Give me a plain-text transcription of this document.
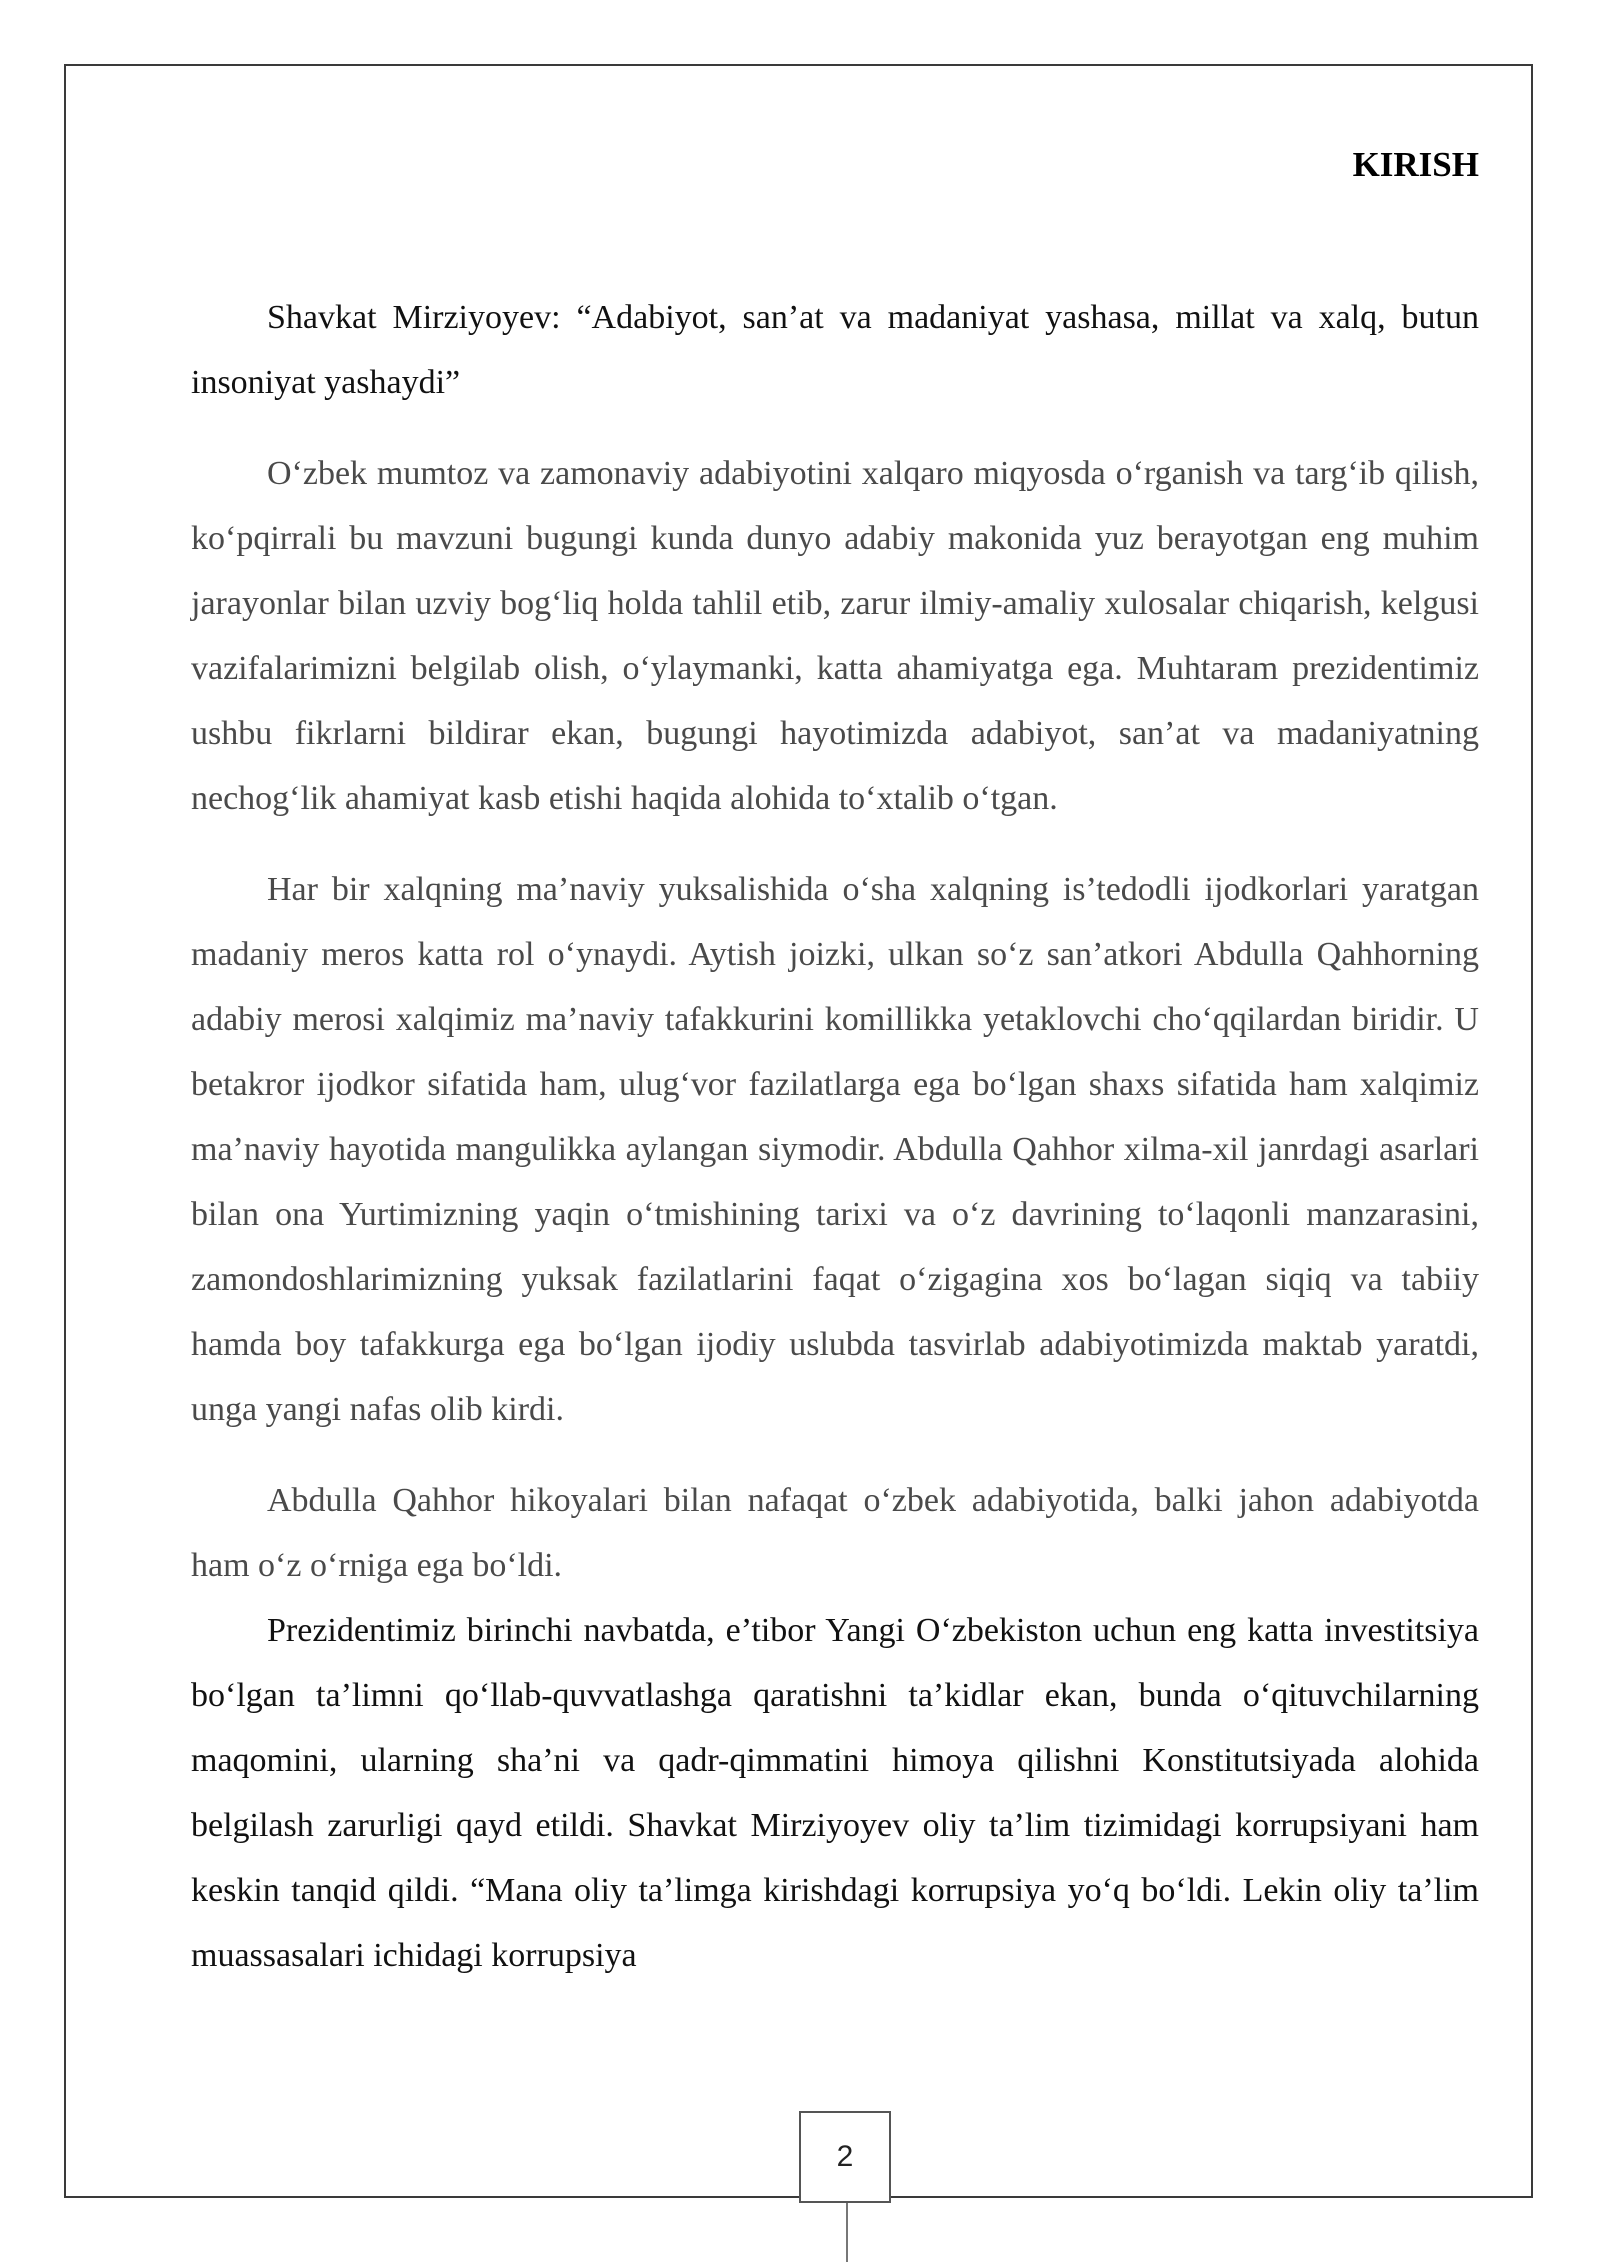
KIRISH

Shavkat Mirziyoyev: “Adabiyot, san’at va madaniyat yashasa, millat va xalq, butun insoniyat yashaydi”

O‘zbek mumtoz va zamonaviy adabiyotini xalqaro miqyosda o‘rganish va targ‘ib qilish, ko‘pqirrali bu mavzuni bugungi kunda dunyo adabiy makonida yuz berayotgan eng muhim jarayonlar bilan uzviy bog‘liq holda tahlil etib, zarur ilmiy-amaliy xulosalar chiqarish, kelgusi vazifalarimizni belgilab olish, o‘ylaymanki, katta ahamiyatga ega. Muhtaram prezidentimiz ushbu fikrlarni bildirar ekan, bugungi hayotimizda adabiyot, san’at va madaniyatning nechog‘lik ahamiyat kasb etishi haqida alohida to‘xtalib o‘tgan.

Har bir xalqning ma’naviy yuksalishida o‘sha xalqning is’tedodli ijodkorlari yaratgan madaniy meros katta rol o‘ynaydi. Aytish joizki, ulkan so‘z san’atkori Abdulla Qahhorning adabiy merosi xalqimiz ma’naviy tafakkurini komillikka yetaklovchi cho‘qqilardan biridir. U betakror ijodkor sifatida ham, ulug‘vor fazilatlarga ega bo‘lgan shaxs sifatida ham xalqimiz ma’naviy hayotida mangulikka aylangan siymodir. Abdulla Qahhor xilma-xil janrdagi asarlari bilan ona Yurtimizning yaqin o‘tmishining tarixi va o‘z davrining to‘laqonli manzarasini, zamondoshlarimizning yuksak fazilatlarini faqat o‘zigagina xos bo‘lagan siqiq va tabiiy hamda boy tafakkurga ega bo‘lgan ijodiy uslubda tasvirlab adabiyotimizda maktab yaratdi, unga yangi nafas olib kirdi.

Abdulla Qahhor hikoyalari bilan nafaqat o‘zbek adabiyotida, balki jahon adabiyotda ham o‘z o‘rniga ega bo‘ldi.

Prezidentimiz birinchi navbatda, e’tibor Yangi O‘zbekiston uchun eng katta investitsiya bo‘lgan ta’limni qo‘llab-quvvatlashga qaratishni ta’kidlar ekan, bunda o‘qituvchilarning maqomini, ularning sha’ni va qadr-qimmatini himoya qilishni Konstitutsiyada alohida belgilash zarurligi qayd etildi. Shavkat Mirziyoyev oliy ta’lim tizimidagi korrupsiyani ham keskin tanqid qildi. “Mana oliy ta’limga kirishdagi korrupsiya yo‘q bo‘ldi. Lekin oliy ta’lim muassasalari ichidagi korrupsiya

2
